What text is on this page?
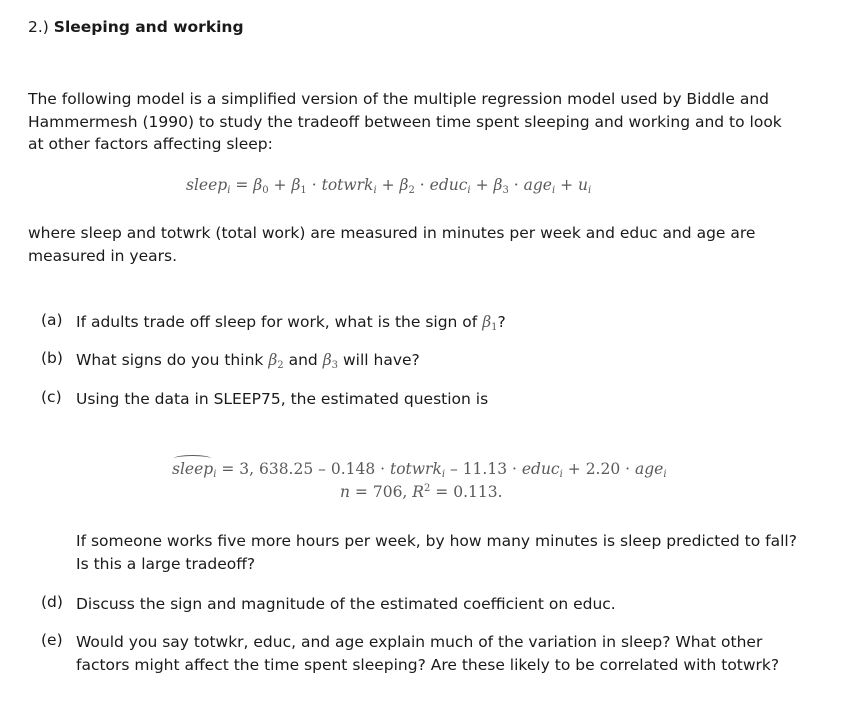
2.) Sleeping and working
The following model is a simplified version of the multiple regression model used by Biddle and
Hammermesh (1990) to study the tradeoff between time spent sleeping and working and to look
at other factors affecting sleep:
sleep$_i$ = $\beta_0 + \beta_1$ · totwrk$_i$ + $\beta_2$ · educ$_i$ + $\beta_3 \cdot age_i + u_i$
where sleep and totwrk (total work) are measured in minutes per week and educ and age are
measured in years.
(a) If adults trade off sleep for work, what is the sign of $\beta_1$?
(b) What signs do you think $\beta_2$ and $\beta_3$ will have?
(c) Using the data in SLEEP75, the estimated question is
sleep$_i$ = 3, 638.25 – 0.148 · totwrk$_i$ – 11.13 · educ$_i$ + 2.20 · age$_i$
n = 706, $R^2 = 0.113$.
If someone works five more hours per week, by how many minutes is sleep predicted to fall?
Is this a large tradeoff?
(d) Discuss the sign and magnitude of the estimated coefficient on educ.
(e) Would you say totwkr, educ, and age explain much of the variation in sleep? What other
factors might affect the time spent sleeping? Are these likely to be correlated with totwrk?
